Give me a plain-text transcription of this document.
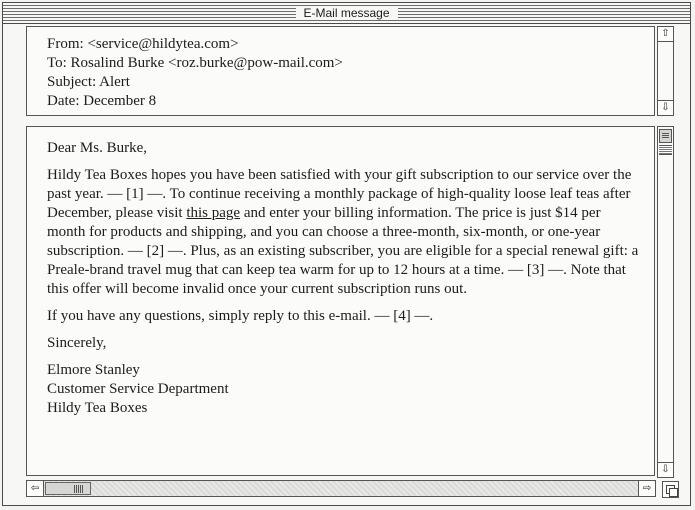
E-Mail message
From: <service@hildytea.com>
To: Rosalind Burke <roz.burke@pow-mail.com>
Subject: Alert
Date: December 8
⇧
⇩

Dear Ms. Burke,

Hildy Tea Boxes hopes you have been satisfied with your gift subscription to our service over the past year. — [1] —. To continue receiving a monthly package of high-quality loose leaf teas after December, please visit this page and enter your billing information. The price is just $14 per month for products and shipping, and you can choose a three-month, six-month, or one-year subscription. — [2] —. Plus, as an existing subscriber, you are eligible for a special renewal gift: a Preale-brand travel mug that can keep tea warm for up to 12 hours at a time. — [3] —. Note that this offer will become invalid once your current subscription runs out.

If you have any questions, simply reply to this e-mail. — [4] —.

Sincerely,

Elmore Stanley
Customer Service Department
Hildy Tea Boxes

⇩
⇦	⇨
